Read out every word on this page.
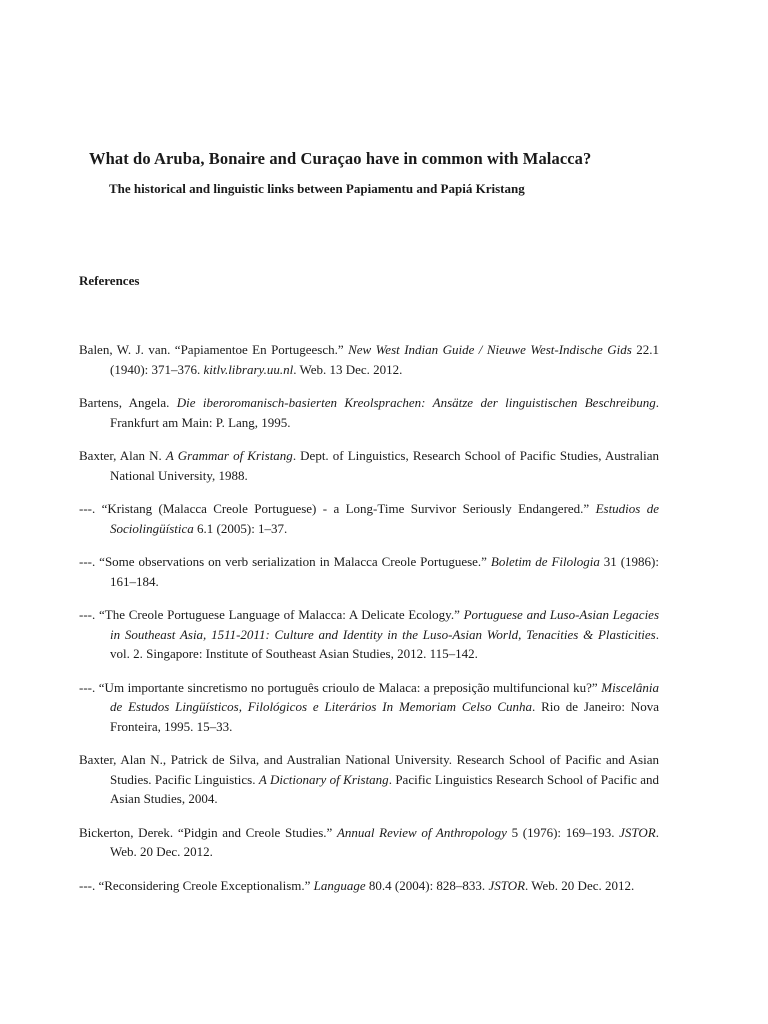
What do Aruba, Bonaire and Curaçao have in common with Malacca?
The historical and linguistic links between Papiamentu and Papiá Kristang
References
Balen, W. J. van. “Papiamentoe En Portugeesch.” New West Indian Guide / Nieuwe West-Indische Gids 22.1 (1940): 371–376. kitlv.library.uu.nl. Web. 13 Dec. 2012.
Bartens, Angela. Die iberoromanisch-basierten Kreolsprachen: Ansätze der linguistischen Beschreibung. Frankfurt am Main: P. Lang, 1995.
Baxter, Alan N. A Grammar of Kristang. Dept. of Linguistics, Research School of Pacific Studies, Australian National University, 1988.
---. “Kristang (Malacca Creole Portuguese) - a Long-Time Survivor Seriously Endangered.” Estudios de Sociolingüística 6.1 (2005): 1–37.
---. “Some observations on verb serialization in Malacca Creole Portuguese.” Boletim de Filologia 31 (1986): 161–184.
---. “The Creole Portuguese Language of Malacca: A Delicate Ecology.” Portuguese and Luso-Asian Legacies in Southeast Asia, 1511-2011: Culture and Identity in the Luso-Asian World, Tenacities & Plasticities. vol. 2. Singapore: Institute of Southeast Asian Studies, 2012. 115–142.
---. “Um importante sincretismo no português crioulo de Malaca: a preposição multifuncional ku?” Miscelânia de Estudos Lingüísticos, Filológicos e Literários In Memoriam Celso Cunha. Rio de Janeiro: Nova Fronteira, 1995. 15–33.
Baxter, Alan N., Patrick de Silva, and Australian National University. Research School of Pacific and Asian Studies. Pacific Linguistics. A Dictionary of Kristang. Pacific Linguistics Research School of Pacific and Asian Studies, 2004.
Bickerton, Derek. “Pidgin and Creole Studies.” Annual Review of Anthropology 5 (1976): 169–193. JSTOR. Web. 20 Dec. 2012.
---. “Reconsidering Creole Exceptionalism.” Language 80.4 (2004): 828–833. JSTOR. Web. 20 Dec. 2012.
